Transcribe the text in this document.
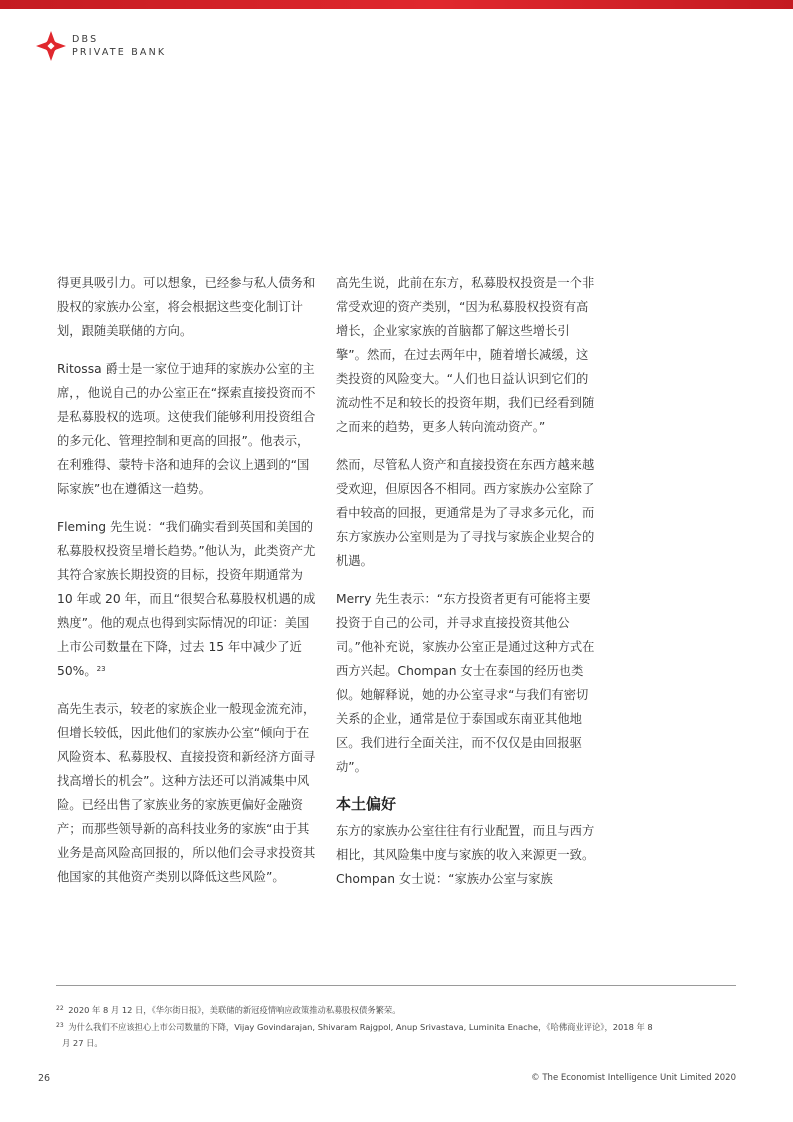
DBS
PRIVATE BANK

得更具吸引力。可以想象，已经参与私人债务和股权的家族办公室，将会根据这些变化制订计划，跟随美联储的方向。

Ritossa 爵士是一家位于迪拜的家族办公室的主席，，他说自己的办公室正在“探索直接投资而不是私募股权的选项。这使我们能够利用投资组合的多元化、管理控制和更高的回报”。他表示，在利雅得、蒙特卡洛和迪拜的会议上遇到的“国际家族”也在遵循这一趋势。

Fleming 先生说：“我们确实看到英国和美国的私募股权投资呈增长趋势。”他认为，此类资产尤其符合家族长期投资的目标，投资年期通常为 10 年或 20 年，而且“很契合私募股权机遇的成熟度”。他的观点也得到实际情况的印证：美国上市公司数量在下降，过去 15 年中减少了近 50%。$^{23}$

高先生表示，较老的家族企业一般现金流充沛，但增长较低，因此他们的家族办公室“倾向于在风险资本、私募股权、直接投资和新经济方面寻找高增长的机会”。这种方法还可以消减集中风险。已经出售了家族业务的家族更偏好金融资产；而那些领导新的高科技业务的家族“由于其业务是高风险高回报的，所以他们会寻求投资其他国家的其他资产类别以降低这些风险”。

高先生说，此前在东方，私募股权投资是一个非常受欢迎的资产类别，“因为私募股权投资有高增长，企业家家族的首脑都了解这些增长引擎”。然而，在过去两年中，随着增长减缓，这类投资的风险变大。“人们也日益认识到它们的流动性不足和较长的投资年期，我们已经看到随之而来的趋势，更多人转向流动资产。”

然而，尽管私人资产和直接投资在东西方越来越受欢迎，但原因各不相同。西方家族办公室除了看中较高的回报，更通常是为了寻求多元化，而东方家族办公室则是为了寻找与家族企业契合的机遇。

Merry 先生表示：“东方投资者更有可能将主要投资于自己的公司，并寻求直接投资其他公司。”他补充说，家族办公室正是通过这种方式在西方兴起。Chompan 女士在泰国的经历也类似。她解释说，她的办公室寻求“与我们有密切关系的企业，通常是位于泰国或东南亚其他地区。我们进行全面关注，而不仅仅是由回报驱动”。

本土偏好

东方的家族办公室往往有行业配置，而且与西方相比，其风险集中度与家族的收入来源更一致。Chompan 女士说：“家族办公室与家族

$^{22}$ 2020 年 8 月 12 日，《华尔街日报》，美联储的新冠疫情响应政策推动私募股权债务繁荣。

$^{23}$ 为什么我们不应该担心上市公司数量的下降，Vijay Govindarajan, Shivaram Rajgpol, Anup Srivastava, Luminita Enache，《哈佛商业评论》，2018 年 8
月 27 日。

26	© The Economist Intelligence Unit Limited 2020
